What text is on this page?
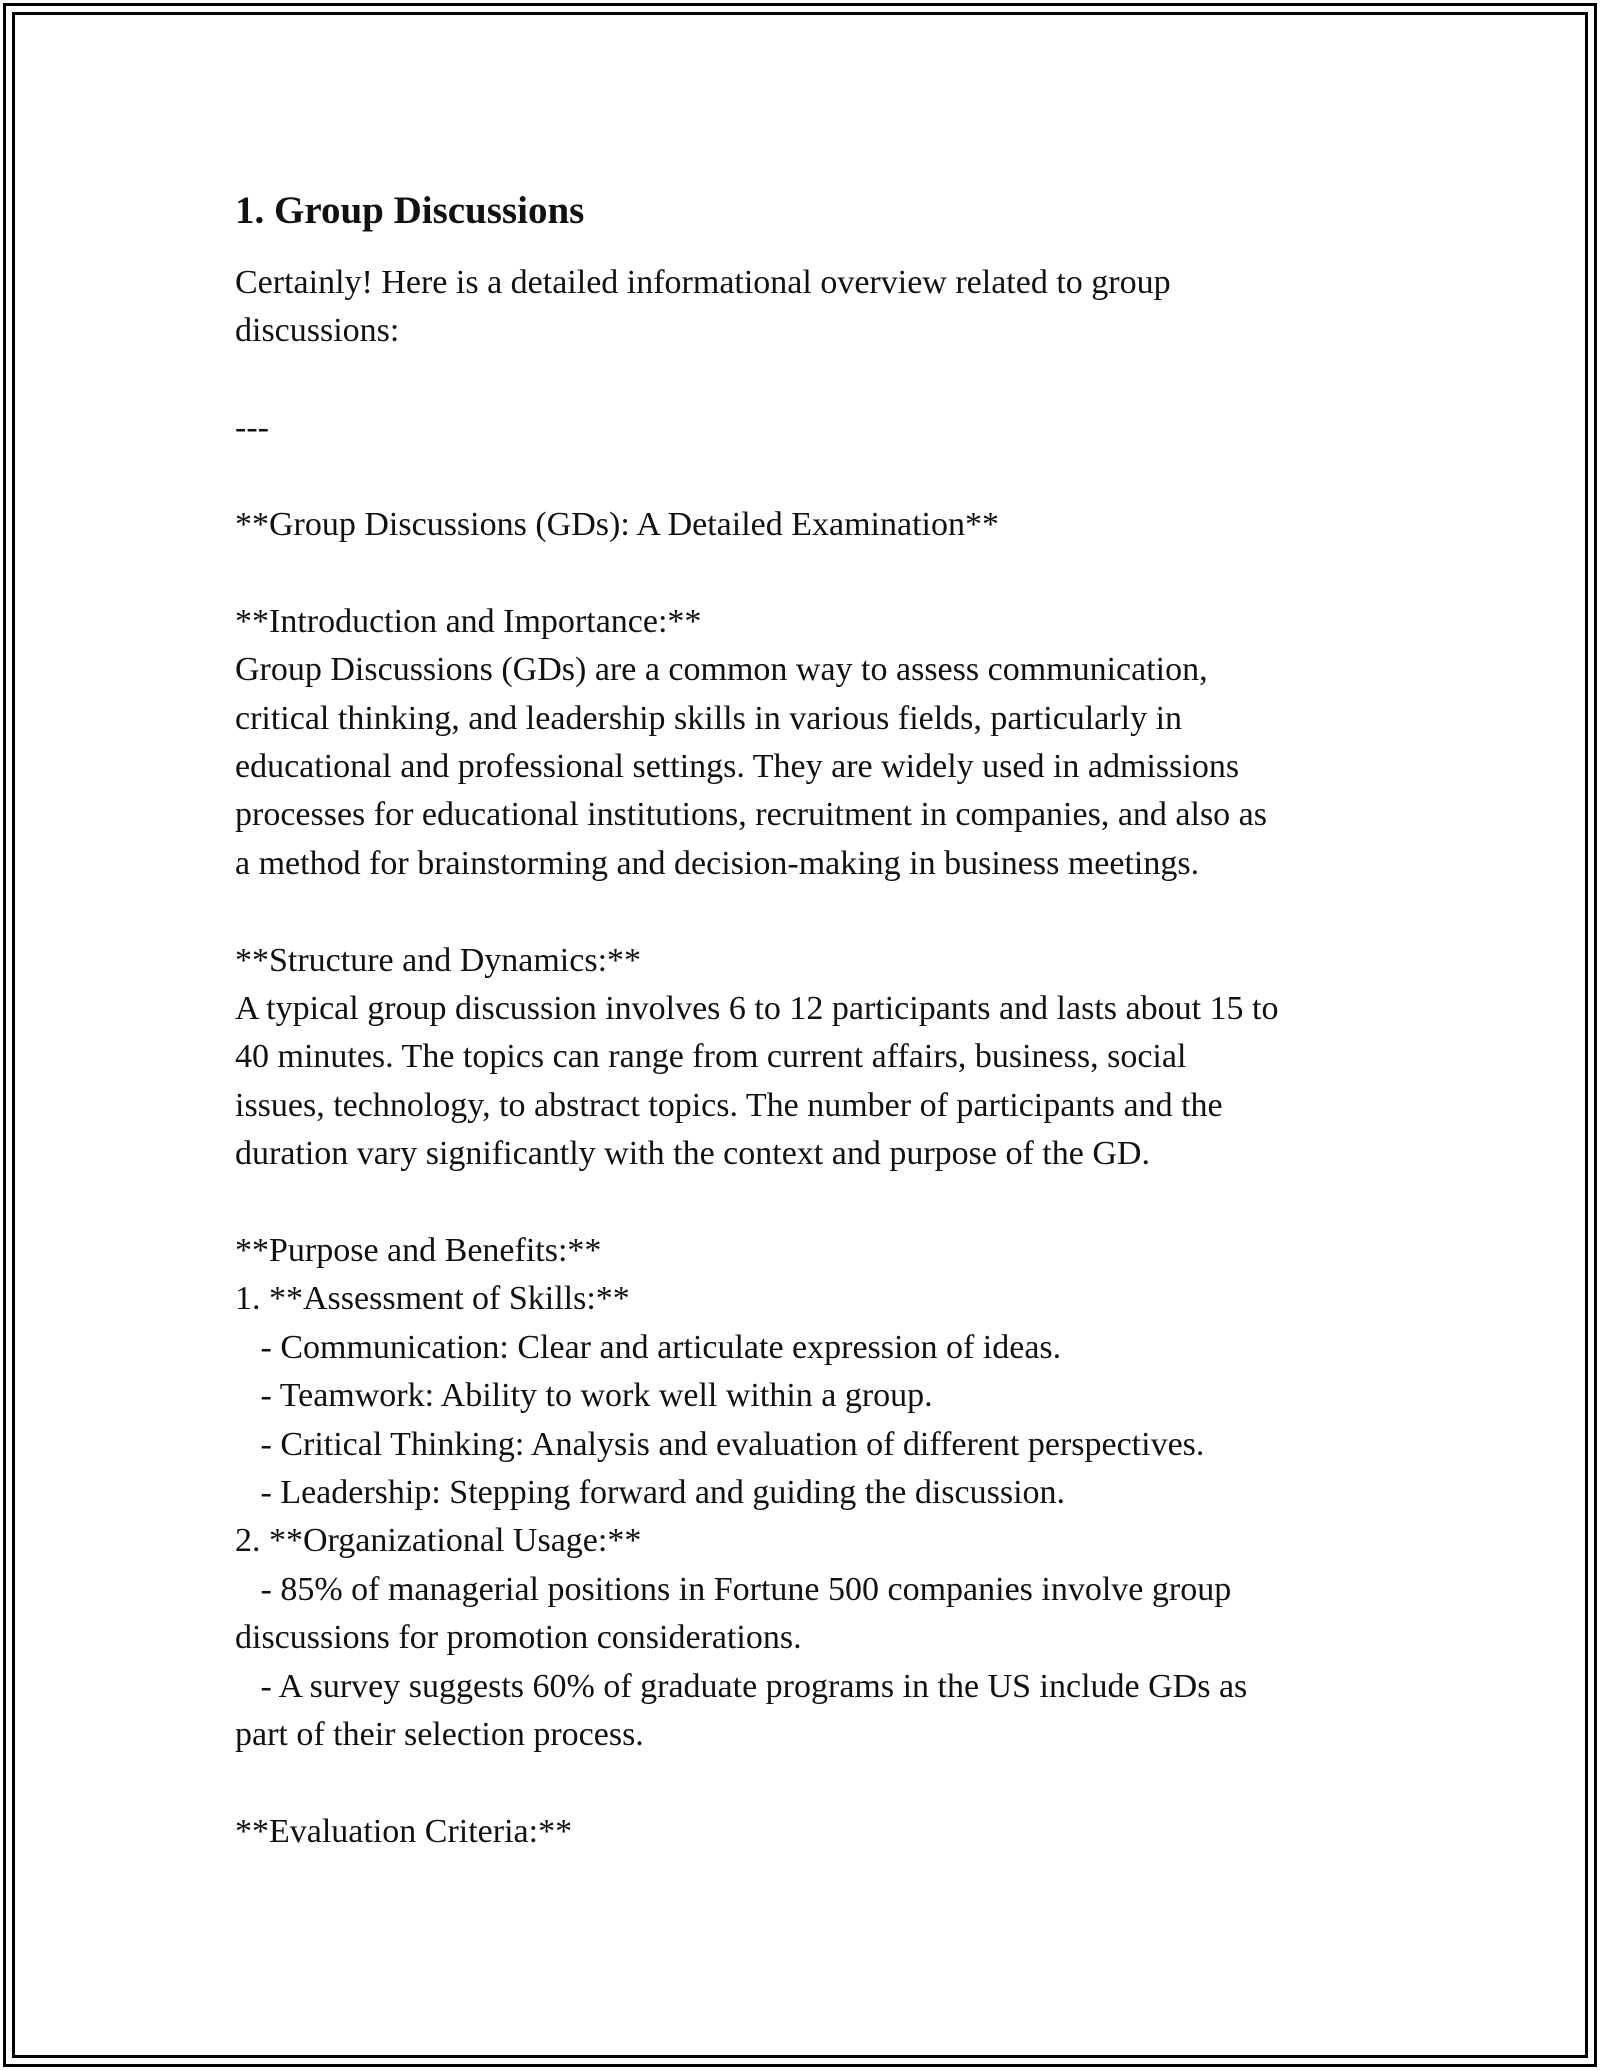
1. Group Discussions
Certainly! Here is a detailed informational overview related to group
discussions:
---
**Group Discussions (GDs): A Detailed Examination**
**Introduction and Importance:**
Group Discussions (GDs) are a common way to assess communication,
critical thinking, and leadership skills in various fields, particularly in
educational and professional settings. They are widely used in admissions
processes for educational institutions, recruitment in companies, and also as
a method for brainstorming and decision-making in business meetings.
**Structure and Dynamics:**
A typical group discussion involves 6 to 12 participants and lasts about 15 to
40 minutes. The topics can range from current affairs, business, social
issues, technology, to abstract topics. The number of participants and the
duration vary significantly with the context and purpose of the GD.
**Purpose and Benefits:**
1. **Assessment of Skills:**
- Communication: Clear and articulate expression of ideas.
- Teamwork: Ability to work well within a group.
- Critical Thinking: Analysis and evaluation of different perspectives.
- Leadership: Stepping forward and guiding the discussion.
2. **Organizational Usage:**
- 85% of managerial positions in Fortune 500 companies involve group
discussions for promotion considerations.
- A survey suggests 60% of graduate programs in the US include GDs as
part of their selection process.
**Evaluation Criteria:**
